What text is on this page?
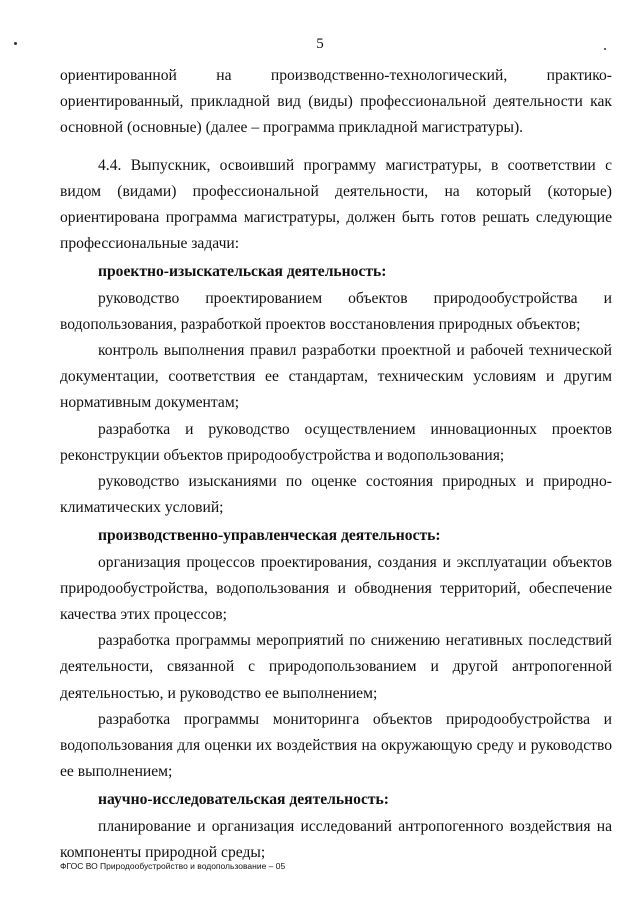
5

ориентированной на производственно-технологический, практико-ориентированный, прикладной вид (виды) профессиональной деятельности как основной (основные) (далее – программа прикладной магистратуры).

4.4. Выпускник, освоивший программу магистратуры, в соответствии с видом (видами) профессиональной деятельности, на который (которые) ориентирована программа магистратуры, должен быть готов решать следующие профессиональные задачи:

проектно-изыскательская деятельность:

руководство проектированием объектов природообустройства и водопользования, разработкой проектов восстановления природных объектов;

контроль выполнения правил разработки проектной и рабочей технической документации, соответствия ее стандартам, техническим условиям и другим нормативным документам;

разработка и руководство осуществлением инновационных проектов реконструкции объектов природообустройства и водопользования;

руководство изысканиями по оценке состояния природных и природно-климатических условий;

производственно-управленческая деятельность:

организация процессов проектирования, создания и эксплуатации объектов природообустройства, водопользования и обводнения территорий, обеспечение качества этих процессов;

разработка программы мероприятий по снижению негативных последствий деятельности, связанной с природопользованием и другой антропогенной деятельностью, и руководство ее выполнением;

разработка программы мониторинга объектов природообустройства и водопользования для оценки их воздействия на окружающую среду и руководство ее выполнением;

научно-исследовательская деятельность:

планирование и организация исследований антропогенного воздействия на компоненты природной среды;

ФГОС ВО Природообустройство и водопользование – 05
